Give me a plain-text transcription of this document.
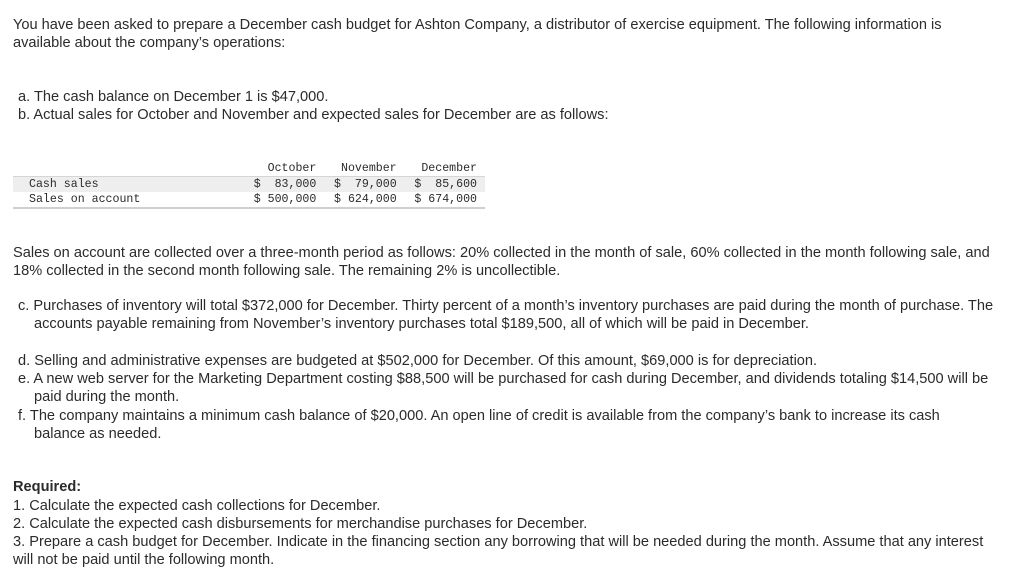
You have been asked to prepare a December cash budget for Ashton Company, a distributor of exercise equipment. The following information is available about the company’s operations:

a. The cash balance on December 1 is $47,000.

b. Actual sales for October and November and expected sales for December are as follows:

	October	November	December
Cash sales	$  83,000	$  79,000	$  85,600
Sales on account	$ 500,000	$ 624,000	$ 674,000

Sales on account are collected over a three-month period as follows: 20% collected in the month of sale, 60% collected in the month following sale, and 18% collected in the second month following sale. The remaining 2% is uncollectible.

c. Purchases of inventory will total $372,000 for December. Thirty percent of a month’s inventory purchases are paid during the month of purchase. The accounts payable remaining from November’s inventory purchases total $189,500, all of which will be paid in December.

d. Selling and administrative expenses are budgeted at $502,000 for December. Of this amount, $69,000 is for depreciation.

e. A new web server for the Marketing Department costing $88,500 will be purchased for cash during December, and dividends totaling $14,500 will be paid during the month.

f. The company maintains a minimum cash balance of $20,000. An open line of credit is available from the company’s bank to increase its cash balance as needed.

Required:

1. Calculate the expected cash collections for December.

2. Calculate the expected cash disbursements for merchandise purchases for December.

3. Prepare a cash budget for December. Indicate in the financing section any borrowing that will be needed during the month. Assume that any interest will not be paid until the following month.
